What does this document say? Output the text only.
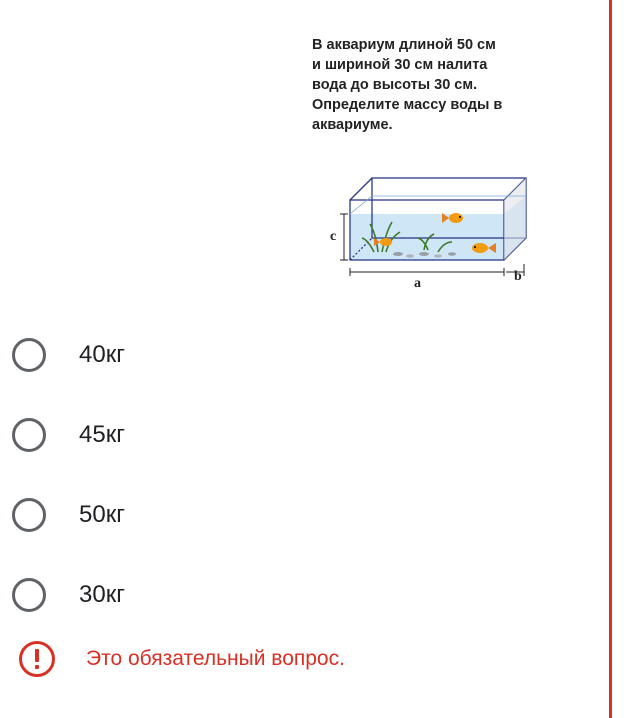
В аквариум длиной 50 см
и шириной 30 см налита
вода до высоты 30 см.
Определите массу воды в
аквариуме.
c
a	b
40кг
45кг
50кг
30кг
Это обязательный вопрос.
